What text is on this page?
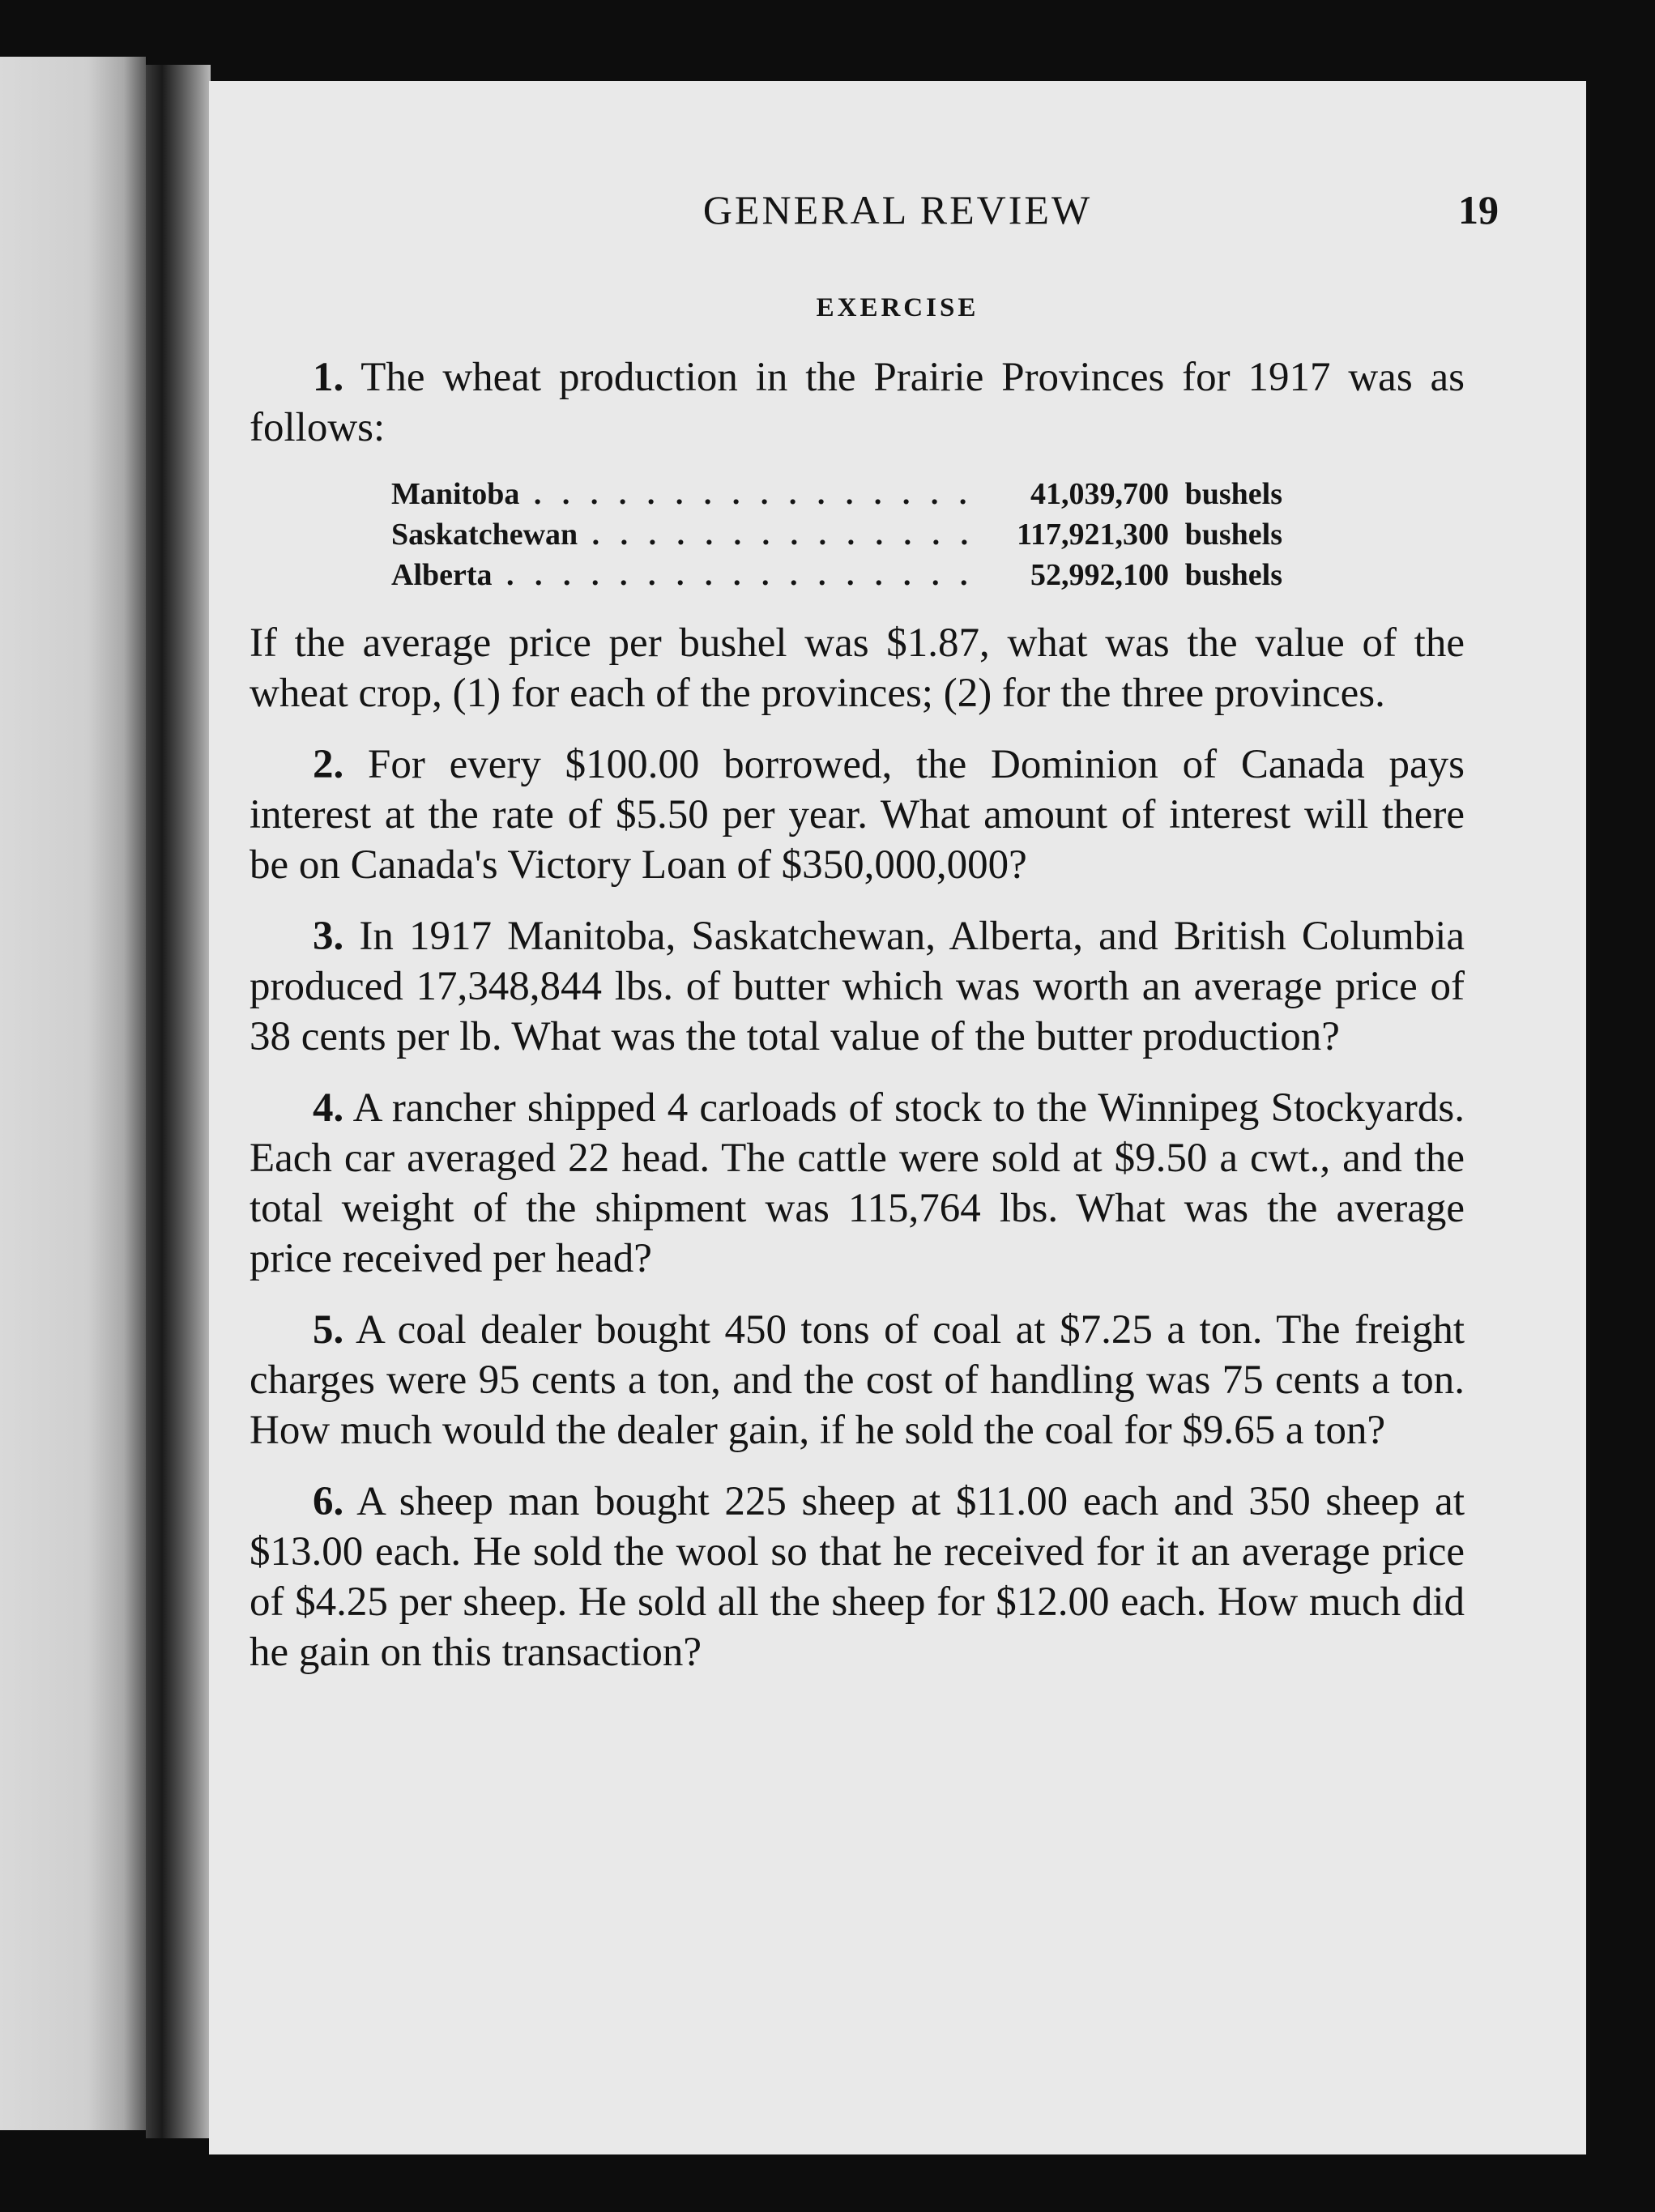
GENERAL REVIEW	19
EXERCISE

1. The wheat production in the Prairie Provinces for 1917 was as follows:

Manitoba . . .	41,039,700 bushels
Saskatchewan . . .	117,921,300 bushels
Alberta . . .	52,992,100 bushels

If the average price per bushel was $1.87, what was the value of the wheat crop, (1) for each of the provinces; (2) for the three provinces.

2. For every $100.00 borrowed, the Dominion of Canada pays interest at the rate of $5.50 per year. What amount of interest will there be on Canada's Victory Loan of $350,000,000?

3. In 1917 Manitoba, Saskatchewan, Alberta, and British Columbia produced 17,348,844 lbs. of butter which was worth an average price of 38 cents per lb. What was the total value of the butter production?

4. A rancher shipped 4 carloads of stock to the Winnipeg Stockyards. Each car averaged 22 head. The cattle were sold at $9.50 a cwt., and the total weight of the shipment was 115,764 lbs. What was the average price received per head?

5. A coal dealer bought 450 tons of coal at $7.25 a ton. The freight charges were 95 cents a ton, and the cost of handling was 75 cents a ton. How much would the dealer gain, if he sold the coal for $9.65 a ton?

6. A sheep man bought 225 sheep at $11.00 each and 350 sheep at $13.00 each. He sold the wool so that he received for it an average price of $4.25 per sheep. He sold all the sheep for $12.00 each. How much did he gain on this transaction?
